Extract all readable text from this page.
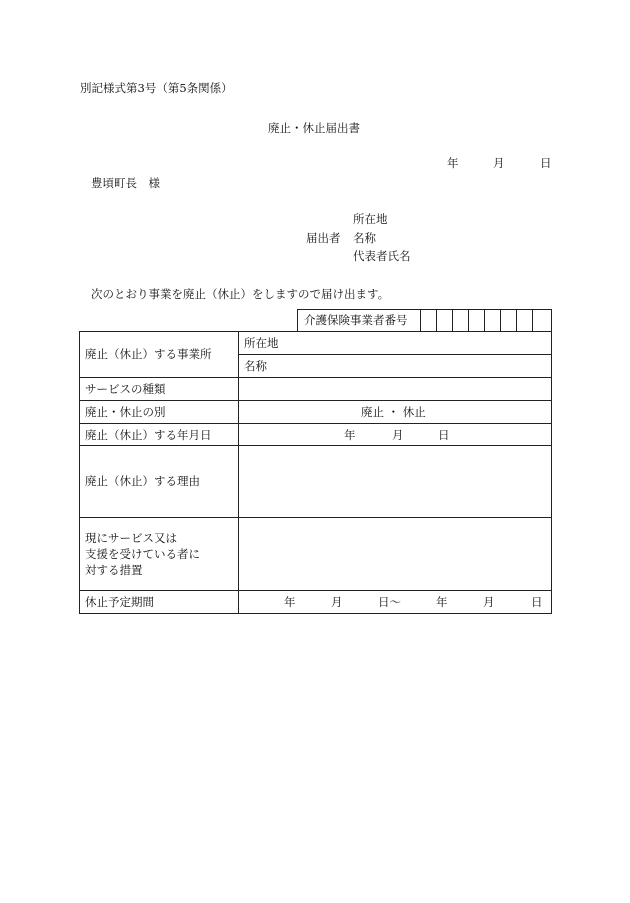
別記様式第3号（第5条関係）
廃止・休止届出書
年	月	日
豊頃町長　様
所在地
届出者 名称
代表者氏名
次のとおり事業を廃止（休止）をしますので届け出ます。
介護保険事業者番号
廃止（休止）する事業所
所在地
名称
サービスの種類
廃止・休止の別	廃止 ・ 休止
廃止（休止）する年月日	年	月	日
廃止（休止）する理由
現にサービス又は
支援を受けている者に
対する措置
休止予定期間	年	月	日〜	年	月	日
